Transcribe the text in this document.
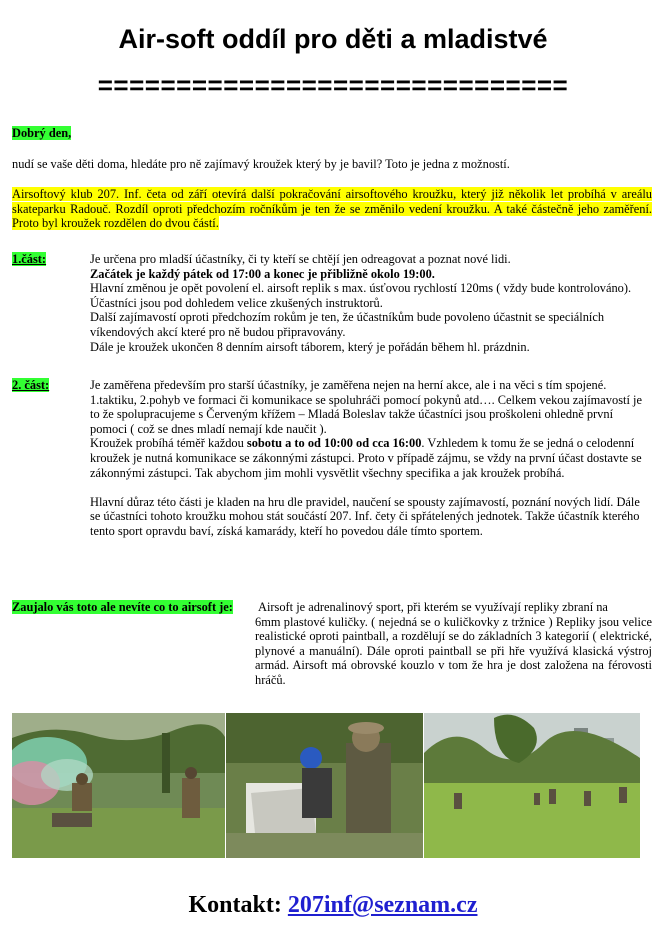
Air-soft oddíl pro děti a mladistvé
==============================
Dobrý den,
nudí se vaše děti doma, hledáte pro ně zajímavý kroužek který by je bavil? Toto je jedna z možností.
Airsoftový klub 207. Inf. četa od září otevírá další pokračování airsoftového kroužku, který již několik let probíhá v areálu skateparku Radouč. Rozdíl oproti předchozím ročníkům je ten že se změnilo vedení kroužku. A také částečně jeho zaměření. Proto byl kroužek rozdělen do dvou částí.
1.část:	Je určena pro mladší účastníky, či ty kteří se chtějí jen odreagovat a poznat nové lidi.

Začátek je každý pátek od 17:00 a konec je přibližně okolo 19:00.

Hlavní změnou je opět povolení el. airsoft replik s max. úsťovou rychlostí 120ms ( vždy bude kontrolováno). Účastníci jsou pod dohledem velice zkušených instruktorů.

Další zajímavostí oproti předchozím rokům je ten, že účastníkům bude povoleno účastnit se speciálních víkendových akcí které pro ně budou připravovány.

Dále je kroužek ukončen 8 denním airsoft táborem, který je pořádán během hl. prázdnin.

2. část:	Je zaměřena především pro starší účastníky, je zaměřena nejen na herní akce, ale i na věci s tím spojené. 1.taktiku, 2.pohyb ve formaci či komunikace se spoluhráči pomocí pokynů atd…. Celkem vekou zajímavostí je to že spolupracujeme s Červeným křížem – Mladá Boleslav takže účastníci jsou proškoleni ohledně první pomoci ( což se dnes mladí nemají kde naučit ).

Kroužek probíhá téměř každou sobotu a to od 10:00 od cca 16:00. Vzhledem k tomu že se jedná o celodenní kroužek je nutná komunikace se zákonnými zástupci. Proto v případě zájmu, se vždy na první účast dostavte se zákonnými zástupci. Tak abychom jim mohli vysvětlit všechny specifika a jak kroužek probíhá.

Hlavní důraz této části je kladen na hru dle pravidel, naučení se spousty zajímavostí, poznání nových lidí. Dále se účastníci tohoto kroužku mohou stát součástí 207. Inf. čety či spřátelených jednotek. Takže účastník kterého tento sport opravdu baví, získá kamarády, kteří ho povedou dále tímto sportem.

Zaujalo vás toto ale nevíte co to airsoft je: Airsoft je adrenalinový sport, při kterém se využívají repliky zbraní na
6mm plastové kuličky. ( nejedná se o kuličkovky z tržnice ) Repliky jsou velice realistické oproti paintball, a rozdělují se do základních 3 kategorií ( elektrické, plynové a manuální). Dále oproti paintball se při hře využívá klasická výstroj armád. Airsoft má obrovské kouzlo v tom že hra je dost založena na férovosti hráčů.
Kontakt: 207inf@seznam.cz
